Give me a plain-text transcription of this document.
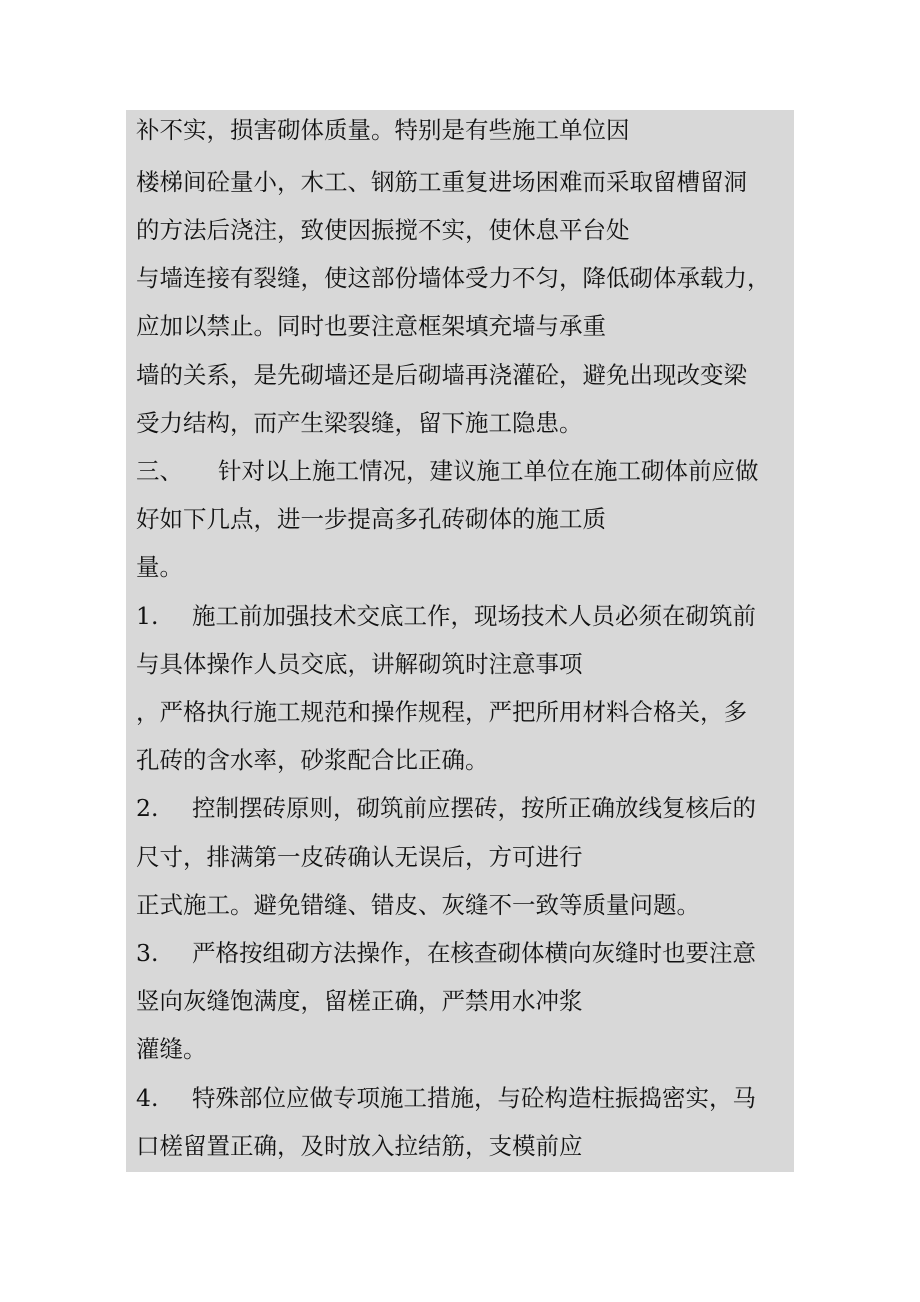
补不实，损害砌体质量。特别是有些施工单位因
楼梯间砼量小，木工、钢筋工重复进场困难而采取留槽留洞
的方法后浇注，致使因振搅不实，使休息平台处
与墙连接有裂缝，使这部份墙体受力不匀，降低砌体承载力，
应加以禁止。同时也要注意框架填充墙与承重
墙的关系，是先砌墙还是后砌墙再浇灌砼，避免出现改变梁
受力结构，而产生梁裂缝，留下施工隐患。
三、 针对以上施工情况，建议施工单位在施工砌体前应做
好如下几点，进一步提高多孔砖砌体的施工质
量。
1. 施工前加强技术交底工作，现场技术人员必须在砌筑前
与具体操作人员交底，讲解砌筑时注意事项
，严格执行施工规范和操作规程，严把所用材料合格关，多
孔砖的含水率，砂浆配合比正确。
2. 控制摆砖原则，砌筑前应摆砖，按所正确放线复核后的
尺寸，排满第一皮砖确认无误后，方可进行
正式施工。避免错缝、错皮、灰缝不一致等质量问题。
3. 严格按组砌方法操作，在核查砌体横向灰缝时也要注意
竖向灰缝饱满度，留槎正确，严禁用水冲浆
灌缝。
4. 特殊部位应做专项施工措施，与砼构造柱振捣密实，马
口槎留置正确，及时放入拉结筋，支模前应
